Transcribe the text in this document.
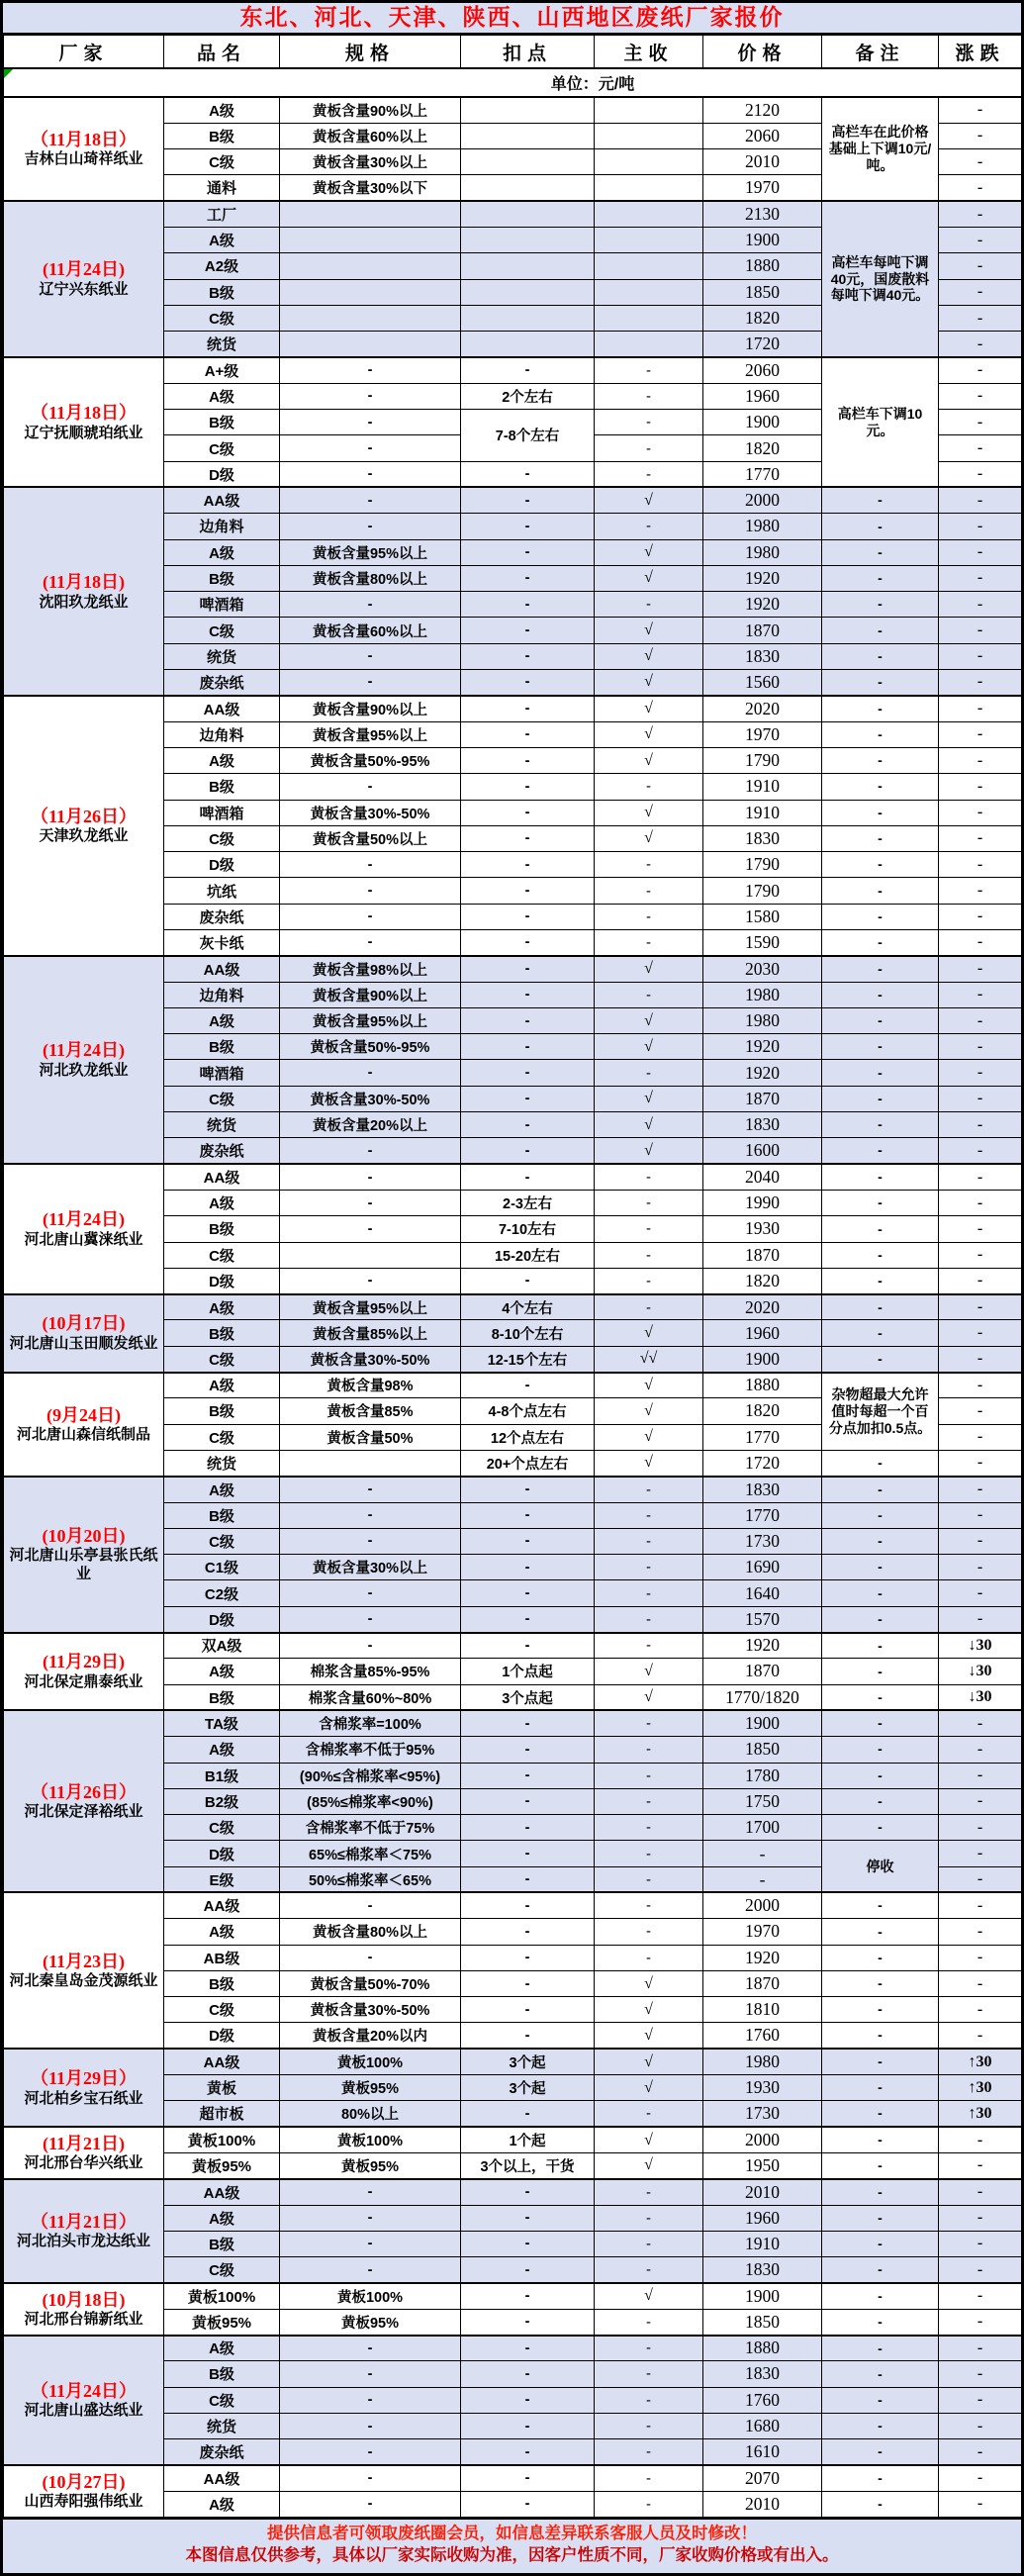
东北、河北、天津、陕西、山西地区废纸厂家报价
厂家	品名	规格	扣点	主收	价格	备注	涨跌

单位：元/吨							

（11月18日）
吉林白山琦祥纸业	A级	黄板含量90%以上			2120	高栏车在此价格基础上下调10元/吨。	-
	B级	黄板含量60%以上			2060		-
	C级	黄板含量30%以上			2010		-
	通料	黄板含量30%以下			1970		-

(11月24日)
辽宁兴东纸业	工厂				2130	高栏车每吨下调40元，国废散料每吨下调40元。	-
	A级				1900		-
	A2级				1880		-
	B级				1850		-
	C级				1820		-
	统货				1720		-

（11月18日）
辽宁抚顺琥珀纸业	A+级	-	-	-	2060	高栏车下调10元。	-
	A级	-	2个左右	-	1960		-
	B级	-	7-8个左右	-	1900		-
	C级	-		-	1820		-
	D级	-	-	-	1770		-

(11月18日)
沈阳玖龙纸业	AA级	-	-	√	2000	-	-
	边角料	-	-	-	1980	-	-
	A级	黄板含量95%以上	-	√	1980	-	-
	B级	黄板含量80%以上	-	√	1920	-	-
	啤酒箱	-	-	-	1920	-	-
	C级	黄板含量60%以上	-	√	1870	-	-
	统货	-	-	√	1830	-	-
	废杂纸	-	-	√	1560	-	-

（11月26日）
天津玖龙纸业	AA级	黄板含量90%以上	-	√	2020	-	-
	边角料	黄板含量95%以上	-	√	1970	-	-
	A级	黄板含量50%-95%	-	√	1790	-	-
	B级	-	-	-	1910	-	-
	啤酒箱	黄板含量30%-50%	-	√	1910	-	-
	C级	黄板含量50%以上	-	√	1830	-	-
	D级	-	-	-	1790	-	-
	坑纸	-	-	-	1790	-	-
	废杂纸	-	-	-	1580	-	-
	灰卡纸	-	-	-	1590	-	-

(11月24日)
河北玖龙纸业	AA级	黄板含量98%以上	-	√	2030	-	-
	边角料	黄板含量90%以上	-	-	1980	-	-
	A级	黄板含量95%以上	-	√	1980	-	-
	B级	黄板含量50%-95%	-	√	1920	-	-
	啤酒箱	-	-	-	1920	-	-
	C级	黄板含量30%-50%	-	√	1870	-	-
	统货	黄板含量20%以上	-	√	1830	-	-
	废杂纸	-	-	√	1600	-	-

(11月24日)
河北唐山冀涞纸业	AA级	-	-	-	2040	-	-
	A级	-	2-3左右	-	1990	-	-
	B级	-	7-10左右	-	1930	-	-
	C级		15-20左右	-	1870	-	-
	D级	-	-	-	1820	-	-

(10月17日)
河北唐山玉田顺发纸业	A级	黄板含量95%以上	4个左右	-	2020	-	-
	B级	黄板含量85%以上	8-10个左右	√	1960	-	-
	C级	黄板含量30%-50%	12-15个左右	√√	1900	-	-

(9月24日)
河北唐山森信纸制品	A级	黄板含量98%	-	√	1880	杂物超最大允许值时每超一个百分点加扣0.5点。	-
	B级	黄板含量85%	4-8个点左右	√	1820		-
	C级	黄板含量50%	12个点左右	√	1770		-
	统货		20+个点左右	√	1720	-	-

(10月20日)
河北唐山乐亭县张氏纸业	A级	-	-	-	1830	-	-
	B级	-	-	-	1770	-	-
	C级	-	-	-	1730	-	-
	C1级	黄板含量30%以上	-	-	1690	-	-
	C2级	-	-	-	1640	-	-
	D级	-	-	-	1570	-	-

(11月29日)
河北保定鼎泰纸业	双A级	-	-	-	1920	-	↓30
	A级	棉浆含量85%-95%	1个点起	√	1870	-	↓30
	B级	棉浆含量60%~80%	3个点起	√	1770/1820	-	↓30

（11月26日）
河北保定泽裕纸业	TA级	含棉浆率=100%	-	-	1900	-	-
	A级	含棉浆率不低于95%	-	-	1850	-	-
	B1级	(90%≤含棉浆率<95%)	-	-	1780	-	-
	B2级	(85%≤棉浆率<90%)	-	-	1750	-	-
	C级	含棉浆率不低于75%	-	-	1700	-	-
	D级	65%≤棉浆率＜75%	-	-	-	停收	-
	E级	50%≤棉浆率＜65%	-	-	-		-

(11月23日)
河北秦皇岛金茂源纸业	AA级	-	-	-	2000	-	-
	A级	黄板含量80%以上	-	-	1970	-	-
	AB级	-	-	-	1920	-	-
	B级	黄板含量50%-70%	-	√	1870	-	-
	C级	黄板含量30%-50%	-	√	1810	-	-
	D级	黄板含量20%以内	-	√	1760	-	-

（11月29日）
河北柏乡宝石纸业	AA级	黄板100%	3个起	√	1980	-	↑30
	黄板	黄板95%	3个起	√	1930	-	↑30
	超市板	80%以上	-	-	1730	-	↑30

(11月21日)
河北邢台华兴纸业	黄板100%	黄板100%	1个起	√	2000	-	-
	黄板95%	黄板95%	3个以上，干货	√	1950	-	-

（11月21日）
河北泊头市龙达纸业	AA级	-	-	-	2010	-	-
	A级	-	-	-	1960	-	-
	B级	-	-	-	1910	-	-
	C级	-	-	-	1830	-	-

(10月18日)
河北邢台锦新纸业	黄板100%	黄板100%	-	√	1900	-	-
	黄板95%	黄板95%	-	-	1850	-	-

（11月24日）
河北唐山盛达纸业	A级	-	-	-	1880	-	-
	B级	-	-	-	1830	-	-
	C级	-	-	-	1760	-	-
	统货	-	-	-	1680	-	-
	废杂纸	-	-	-	1610	-	-

(10月27日)
山西寿阳强伟纸业	AA级	-	-	-	2070	-	-
	A级	-	-	-	2010	-	-
提供信息者可领取废纸圈会员，如信息差异联系客服人员及时修改！
本图信息仅供参考，具体以厂家实际收购为准，因客户性质不同，厂家收购价格或有出入。
